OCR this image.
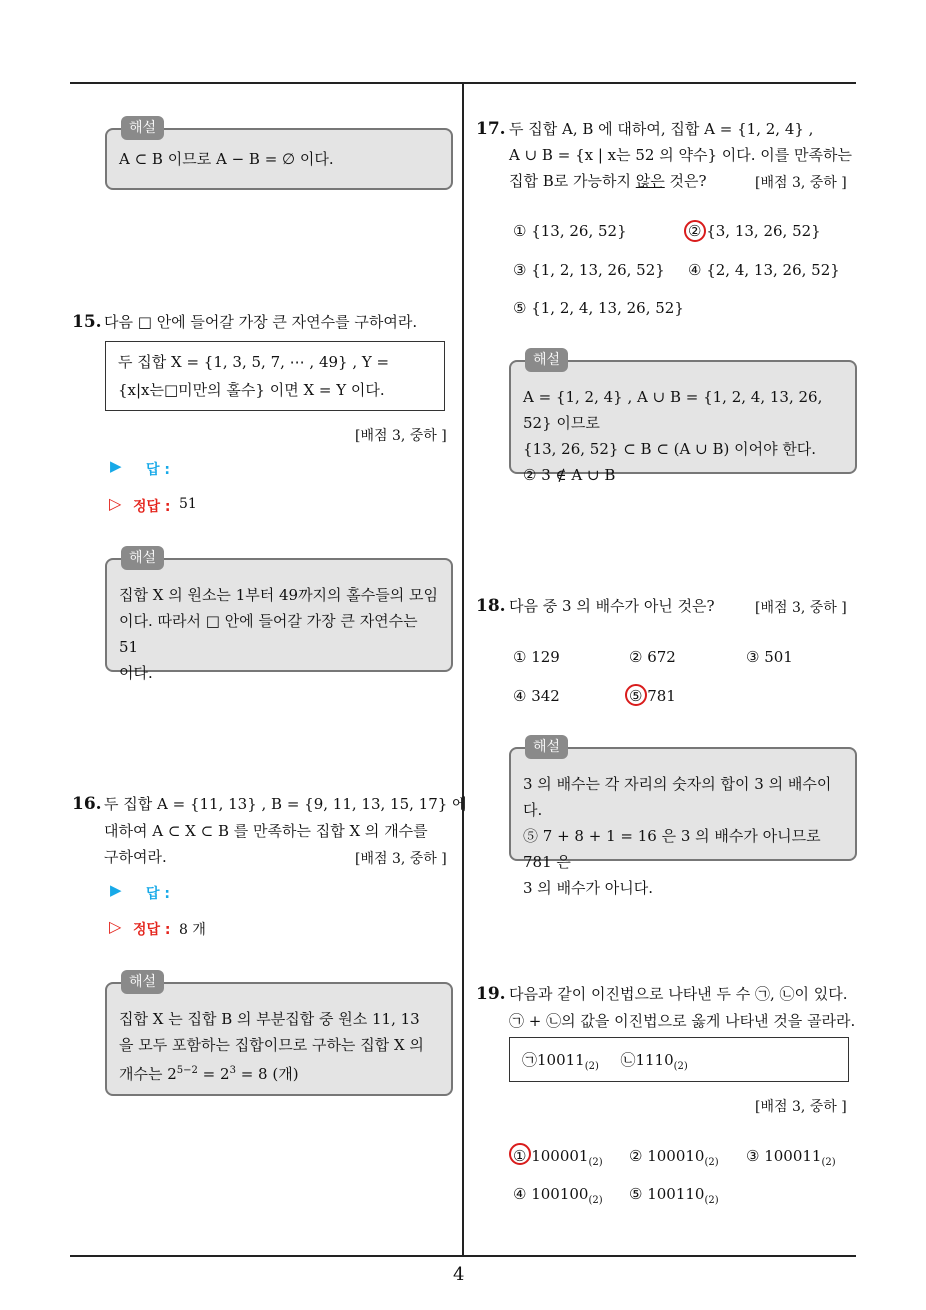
4
해설
A ⊂ B 이므로 A − B = ∅ 이다.
15. 다음 □ 안에 들어갈 가장 큰 자연수를 구하여라.
두 집합 X = {1, 3, 5, 7, ⋯ , 49} , Y =
{x|x는□미만의 홀수} 이면 X = Y 이다.
[배점 3, 중하 ]
▶ 답 :
▷ 정답 : 51
해설
집합 X 의 원소는 1부터 49까지의 홀수들의 모임
이다. 따라서 □ 안에 들어갈 가장 큰 자연수는 51
이다.
16. 두 집합 A = {11, 13} , B = {9, 11, 13, 15, 17} 에
대하여 A ⊂ X ⊂ B 를 만족하는 집합 X 의 개수를
구하여라.	[배점 3, 중하 ]
▶ 답 :
▷ 정답 : 8 개
해설
집합 X 는 집합 B 의 부분집합 중 원소 11, 13
을 모두 포함하는 집합이므로 구하는 집합 X 의
개수는 $2^{5-2} = 2^3 = 8$ (개)
17. 두 집합 A, B 에 대하여, 집합 A = {1, 2, 4} ,
A ∪ B = {x | x는 52 의 약수} 이다. 이를 만족하는
집합 B로 가능하지 않은 것은?	[배점 3, 중하 ]
① {13, 26, 52}	② {3, 13, 26, 52}
③ {1, 2, 13, 26, 52} ④ {2, 4, 13, 26, 52}
⑤ {1, 2, 4, 13, 26, 52}
해설
A = {1, 2, 4} , A ∪ B = {1, 2, 4, 13, 26, 52} 이므로
{13, 26, 52} ⊂ B ⊂ (A ∪ B) 이어야 한다.
② 3 ∉ A ∪ B
18. 다음 중 3 의 배수가 아닌 것은?	[배점 3, 중하 ]
① 129	② 672	③ 501
④ 342	⑤ 781
해설
3 의 배수는 각 자리의 숫자의 합이 3 의 배수이다.
⑤ 7 + 8 + 1 = 16 은 3 의 배수가 아니므로 781 은
3 의 배수가 아니다.
19. 다음과 같이 이진법으로 나타낸 두 수 ㉠, ㉡이 있다.
㉠ + ㉡의 값을 이진법으로 옳게 나타낸 것을 골라라.
$㉠10011_{(2)}$ $㉡1110_{(2)}$
[배점 3, 중하 ]
① $100001_{(2)}$ ② $100010_{(2)}$ ③ $100011_{(2)}$
④ $100100_{(2)}$ ⑤ $100110_{(2)}$
